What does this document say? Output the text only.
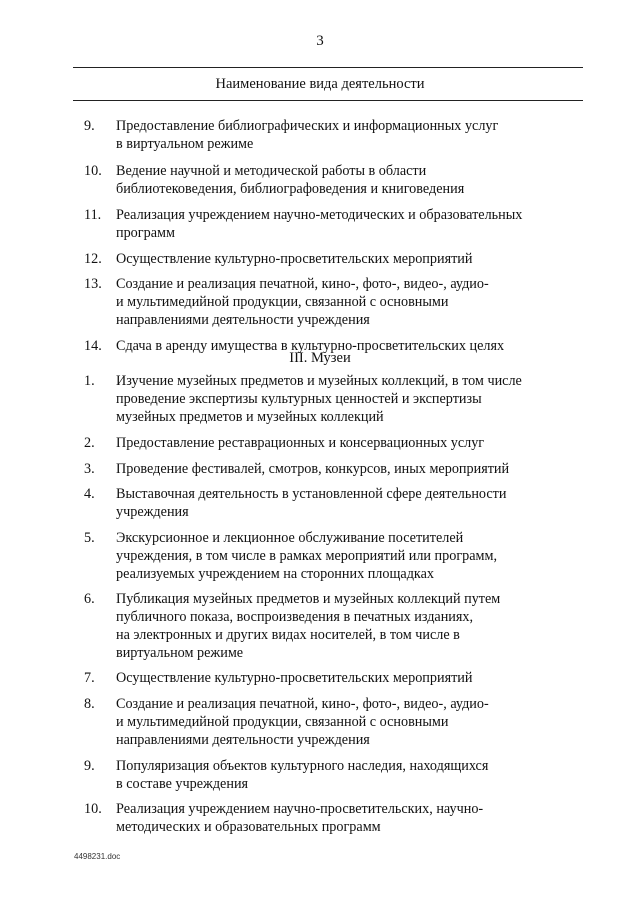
3
Наименование вида деятельности
9.	Предоставление библиографических и информационных услуг
в виртуальном режиме
10.	Ведение научной и методической работы в области
библиотековедения, библиографоведения и книговедения
11.	Реализация учреждением научно-методических и образовательных
программ
12.	Осуществление культурно-просветительских мероприятий
13.	Создание и реализация печатной, кино-, фото-, видео-, аудио-
и мультимедийной продукции, связанной с основными
направлениями деятельности учреждения
14.	Сдача в аренду имущества в культурно-просветительских целях
III. Музеи
1.	Изучение музейных предметов и музейных коллекций, в том числе
проведение экспертизы культурных ценностей и экспертизы
музейных предметов и музейных коллекций
2.	Предоставление реставрационных и консервационных услуг
3.	Проведение фестивалей, смотров, конкурсов, иных мероприятий
4.	Выставочная деятельность в установленной сфере деятельности
учреждения
5.	Экскурсионное и лекционное обслуживание посетителей
учреждения, в том числе в рамках мероприятий или программ,
реализуемых учреждением на сторонних площадках
6.	Публикация музейных предметов и музейных коллекций путем
публичного показа, воспроизведения в печатных изданиях,
на электронных и других видах носителей, в том числе в
виртуальном режиме
7.	Осуществление культурно-просветительских мероприятий
8.	Создание и реализация печатной, кино-, фото-, видео-, аудио-
и мультимедийной продукции, связанной с основными
направлениями деятельности учреждения
9.	Популяризация объектов культурного наследия, находящихся
в составе учреждения
10.	Реализация учреждением научно-просветительских, научно-
методических и образовательных программ
4498231.doc
